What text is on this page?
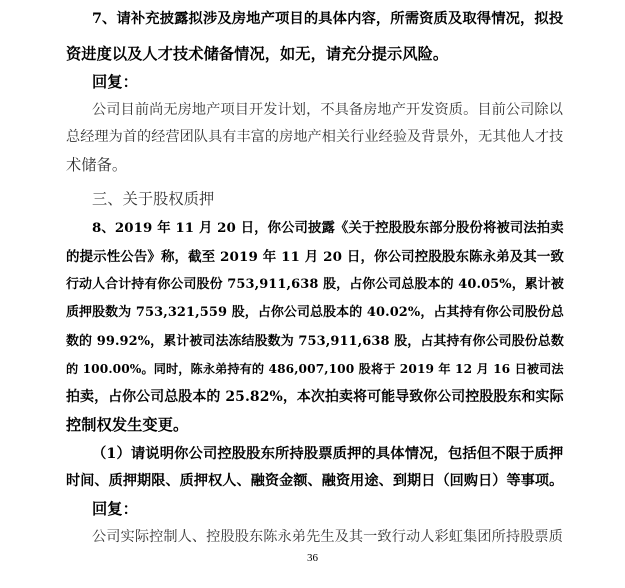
7、请补充披露拟涉及房地产项目的具体内容，所需资质及取得情况，拟投
资进度以及人才技术储备情况，如无，请充分提示风险。
回复：
公司目前尚无房地产项目开发计划，不具备房地产开发资质。目前公司除以
总经理为首的经营团队具有丰富的房地产相关行业经验及背景外，无其他人才技
术储备。
三、关于股权质押
8、2019 年 11 月 20 日，你公司披露《关于控股股东部分股份将被司法拍卖
的提示性公告》称，截至 2019 年 11 月 20 日，你公司控股股东陈永弟及其一致
行动人合计持有你公司股份 753,911,638 股，占你公司总股本的 40.05%，累计被
质押股数为 753,321,559 股，占你公司总股本的 40.02%，占其持有你公司股份总
数的 99.92%，累计被司法冻结股数为 753,911,638 股，占其持有你公司股份总数
的 100.00%。同时，陈永弟持有的 486,007,100 股将于 2019 年 12 月 16 日被司法
拍卖，占你公司总股本的 25.82%，本次拍卖将可能导致你公司控股股东和实际
控制权发生变更。
（1）请说明你公司控股股东所持股票质押的具体情况，包括但不限于质押
时间、质押期限、质押权人、融资金额、融资用途、到期日（回购日）等事项。
回复：
公司实际控制人、控股股东陈永弟先生及其一致行动人彩虹集团所持股票质
36
